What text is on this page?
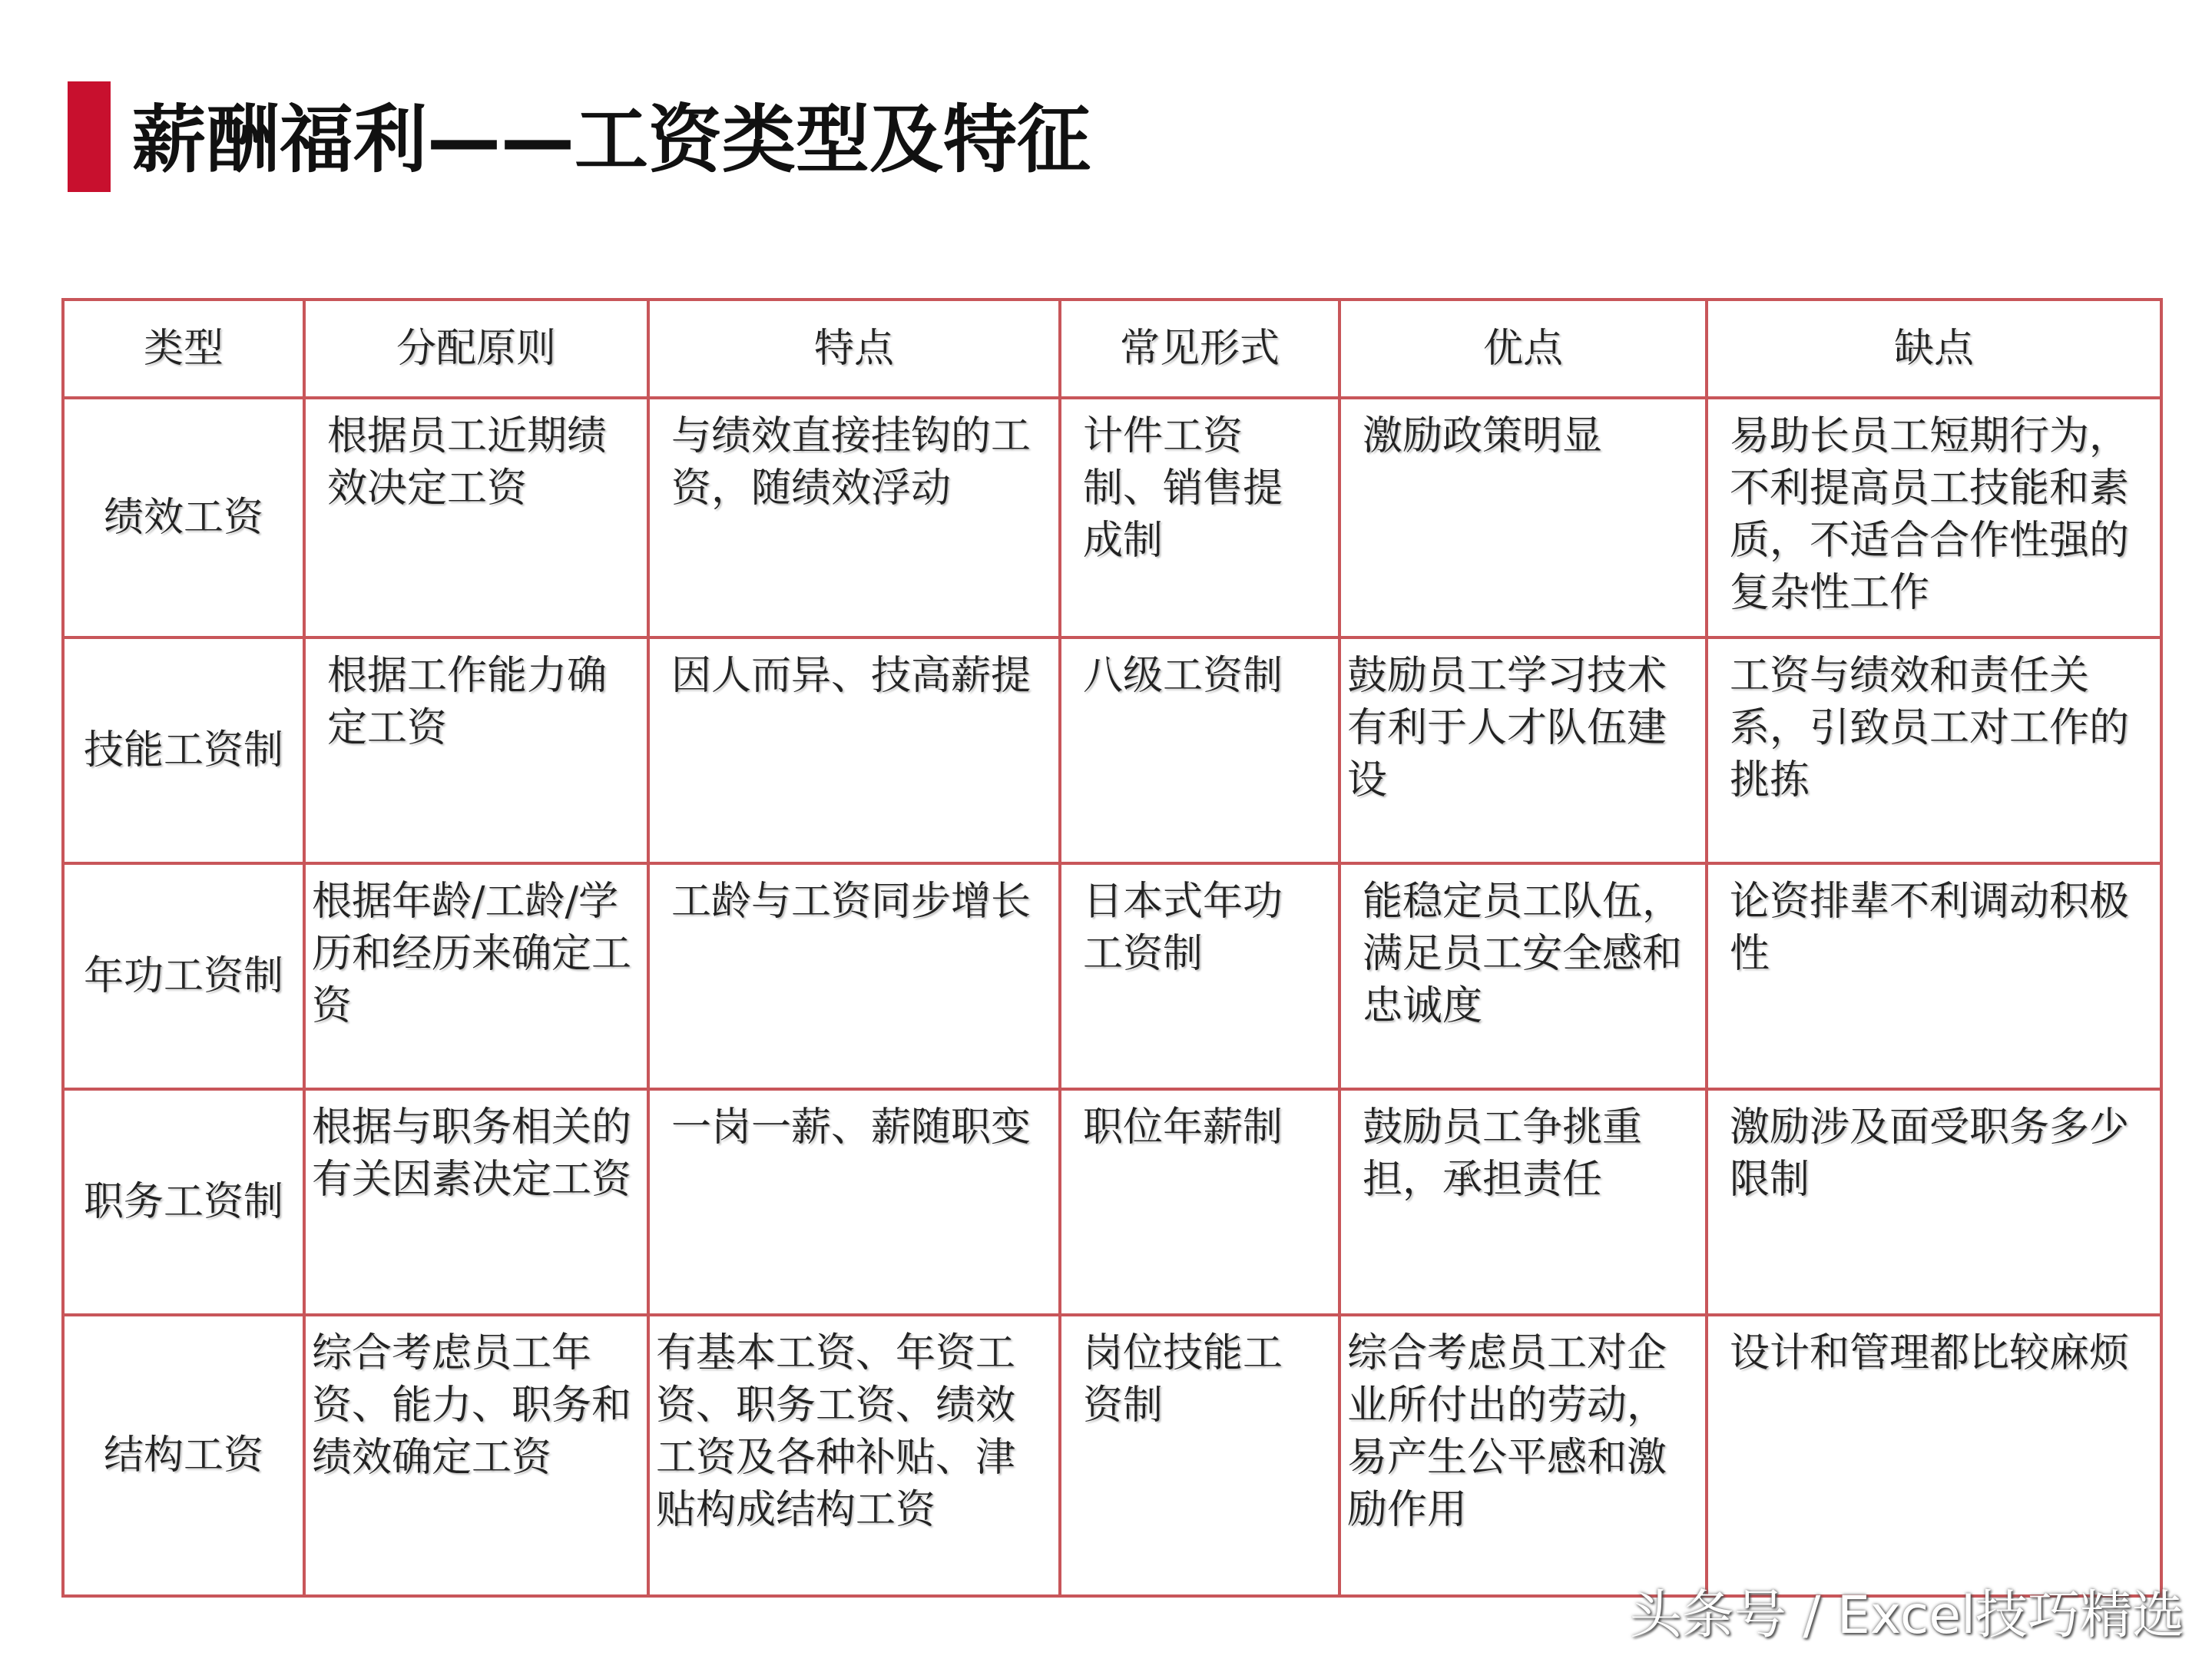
薪酬福利——工资类型及特征
类型	分配原则	特点	常见形式	优点	缺点
绩效工资	根据员工近期绩效决定工资	与绩效直接挂钩的工资，随绩效浮动	计件工资制、销售提成制	激励政策明显	易助长员工短期行为，不利提高员工技能和素质，不适合合作性强的复杂性工作
技能工资制	根据工作能力确定工资	因人而异、技高薪提	八级工资制	鼓励员工学习技术有利于人才队伍建设	工资与绩效和责任关系，引致员工对工作的挑拣
年功工资制	根据年龄/工龄/学历和经历来确定工资	工龄与工资同步增长	日本式年功工资制	能稳定员工队伍，满足员工安全感和忠诚度	论资排辈不利调动积极性
职务工资制	根据与职务相关的有关因素决定工资	一岗一薪、薪随职变	职位年薪制	鼓励员工争挑重担，承担责任	激励涉及面受职务多少限制
结构工资	综合考虑员工年资、能力、职务和绩效确定工资	有基本工资、年资工资、职务工资、绩效工资及各种补贴、津贴构成结构工资	岗位技能工资制	综合考虑员工对企业所付出的劳动，易产生公平感和激励作用	设计和管理都比较麻烦
头条号 / Excel技巧精选
